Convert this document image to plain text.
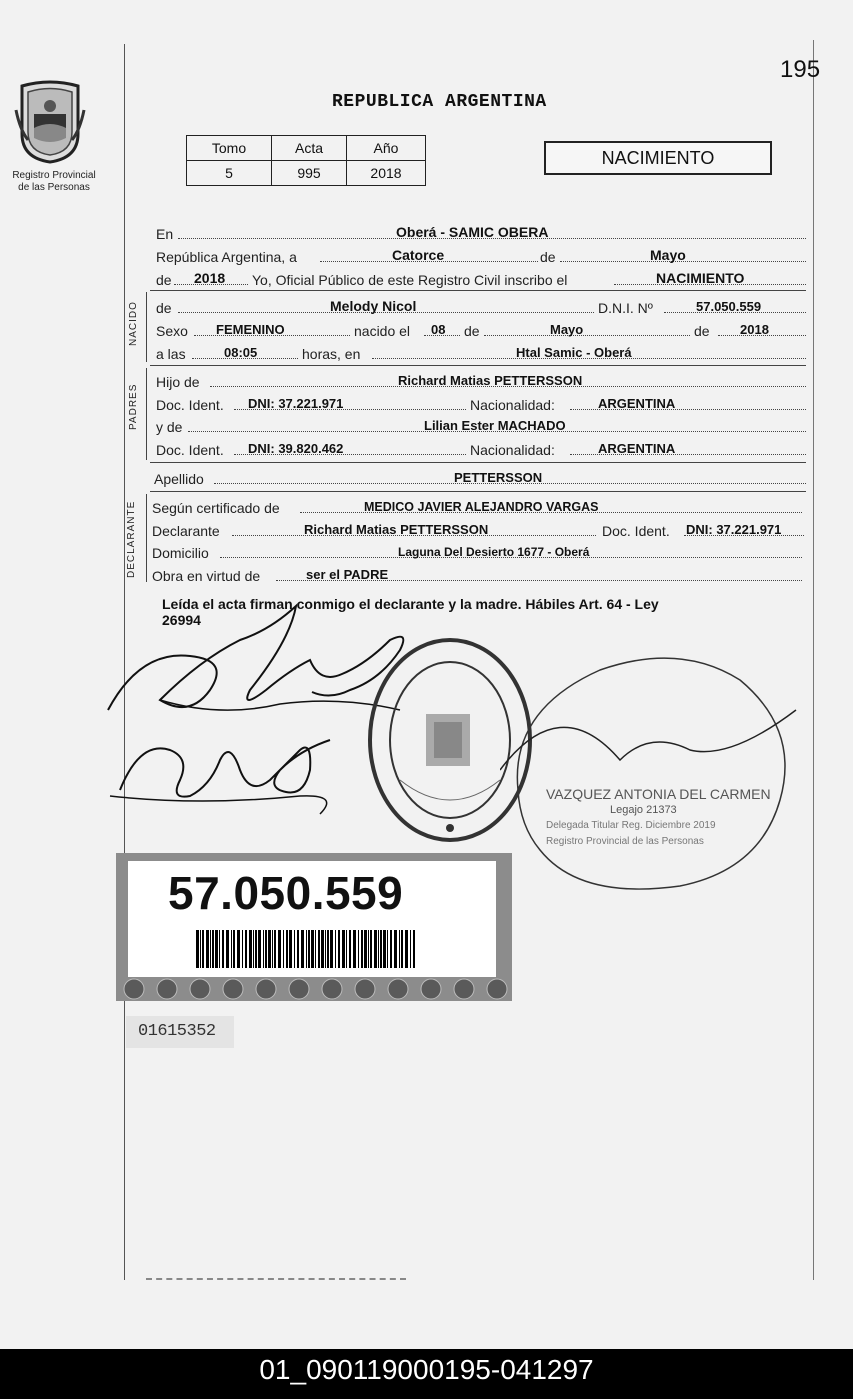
195
Registro Provincial
de las Personas
REPUBLICA ARGENTINA
Tomo	Acta	Año
5	995	2018
NACIMIENTO
En	Oberá - SAMIC OBERA
República Argentina, a	Catorce	de	Mayo
de 2018 Yo, Oficial Público de este Registro Civil inscribo el	NACIMIENTO
NACIDO de	Melody Nicol	D.N.I. Nº	57.050.559
Sexo FEMENINO	nacido el 08 de	Mayo	de 2018
a las	08:05	horas, en	Htal Samic - Oberá
PADRES
Hijo de	Richard Matias PETTERSSON
Doc. Ident. DNI: 37.221.971	Nacionalidad:	ARGENTINA
y de	Lilian Ester MACHADO
Doc. Ident. DNI: 39.820.462	Nacionalidad:	ARGENTINA
Apellido	PETTERSSON
DECLARANTE Según certificado de	MEDICO JAVIER ALEJANDRO VARGAS
Declarante	Richard Matias PETTERSSON	Doc. Ident. DNI: 37.221.971
Domicilio	Laguna Del Desierto 1677 - Oberá
Obra en virtud de	ser el PADRE
Leída el acta firman conmigo el declarante y la madre. Hábiles Art. 64 - Ley
26994
VAZQUEZ ANTONIA DEL CARMEN
Legajo 21373
Delegada Titular Reg. Diciembre 2019
Registro Provincial de las Personas
57.050.559
01615352
01_090119000195-041297
